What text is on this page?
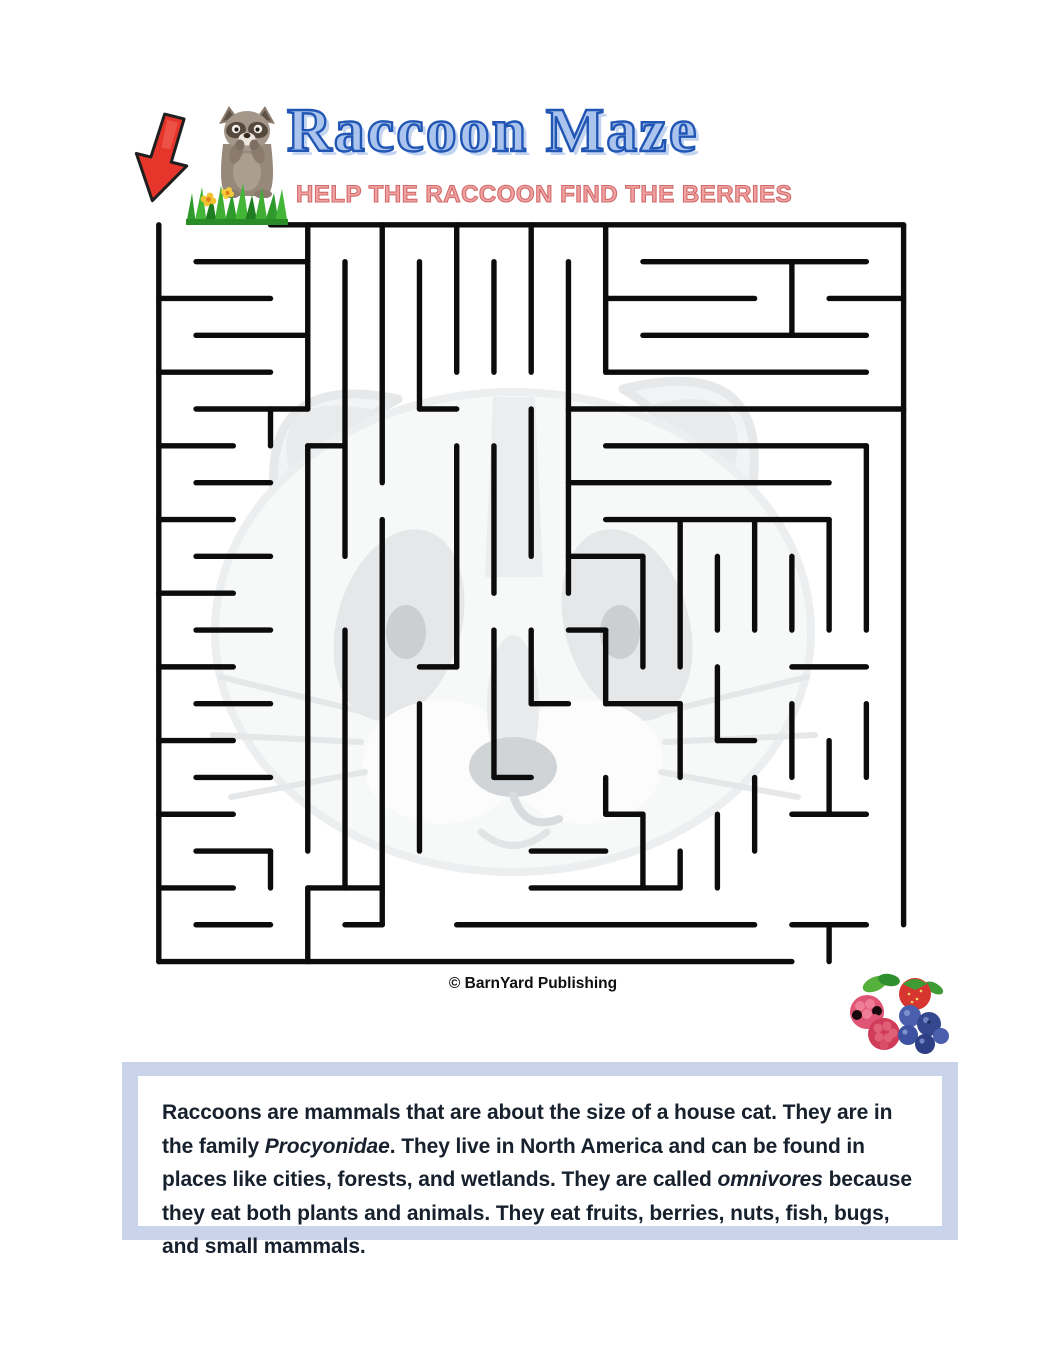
Raccoon Maze
HELP THE RACCOON FIND THE BERRIES
© BarnYard Publishing

Raccoons are mammals that are about the size of a house cat. They are in the family Procyonidae. They live in North America and can be found in places like cities, forests, and wetlands. They are called omnivores because they eat both plants and animals. They eat fruits, berries, nuts, fish, bugs, and small mammals.
